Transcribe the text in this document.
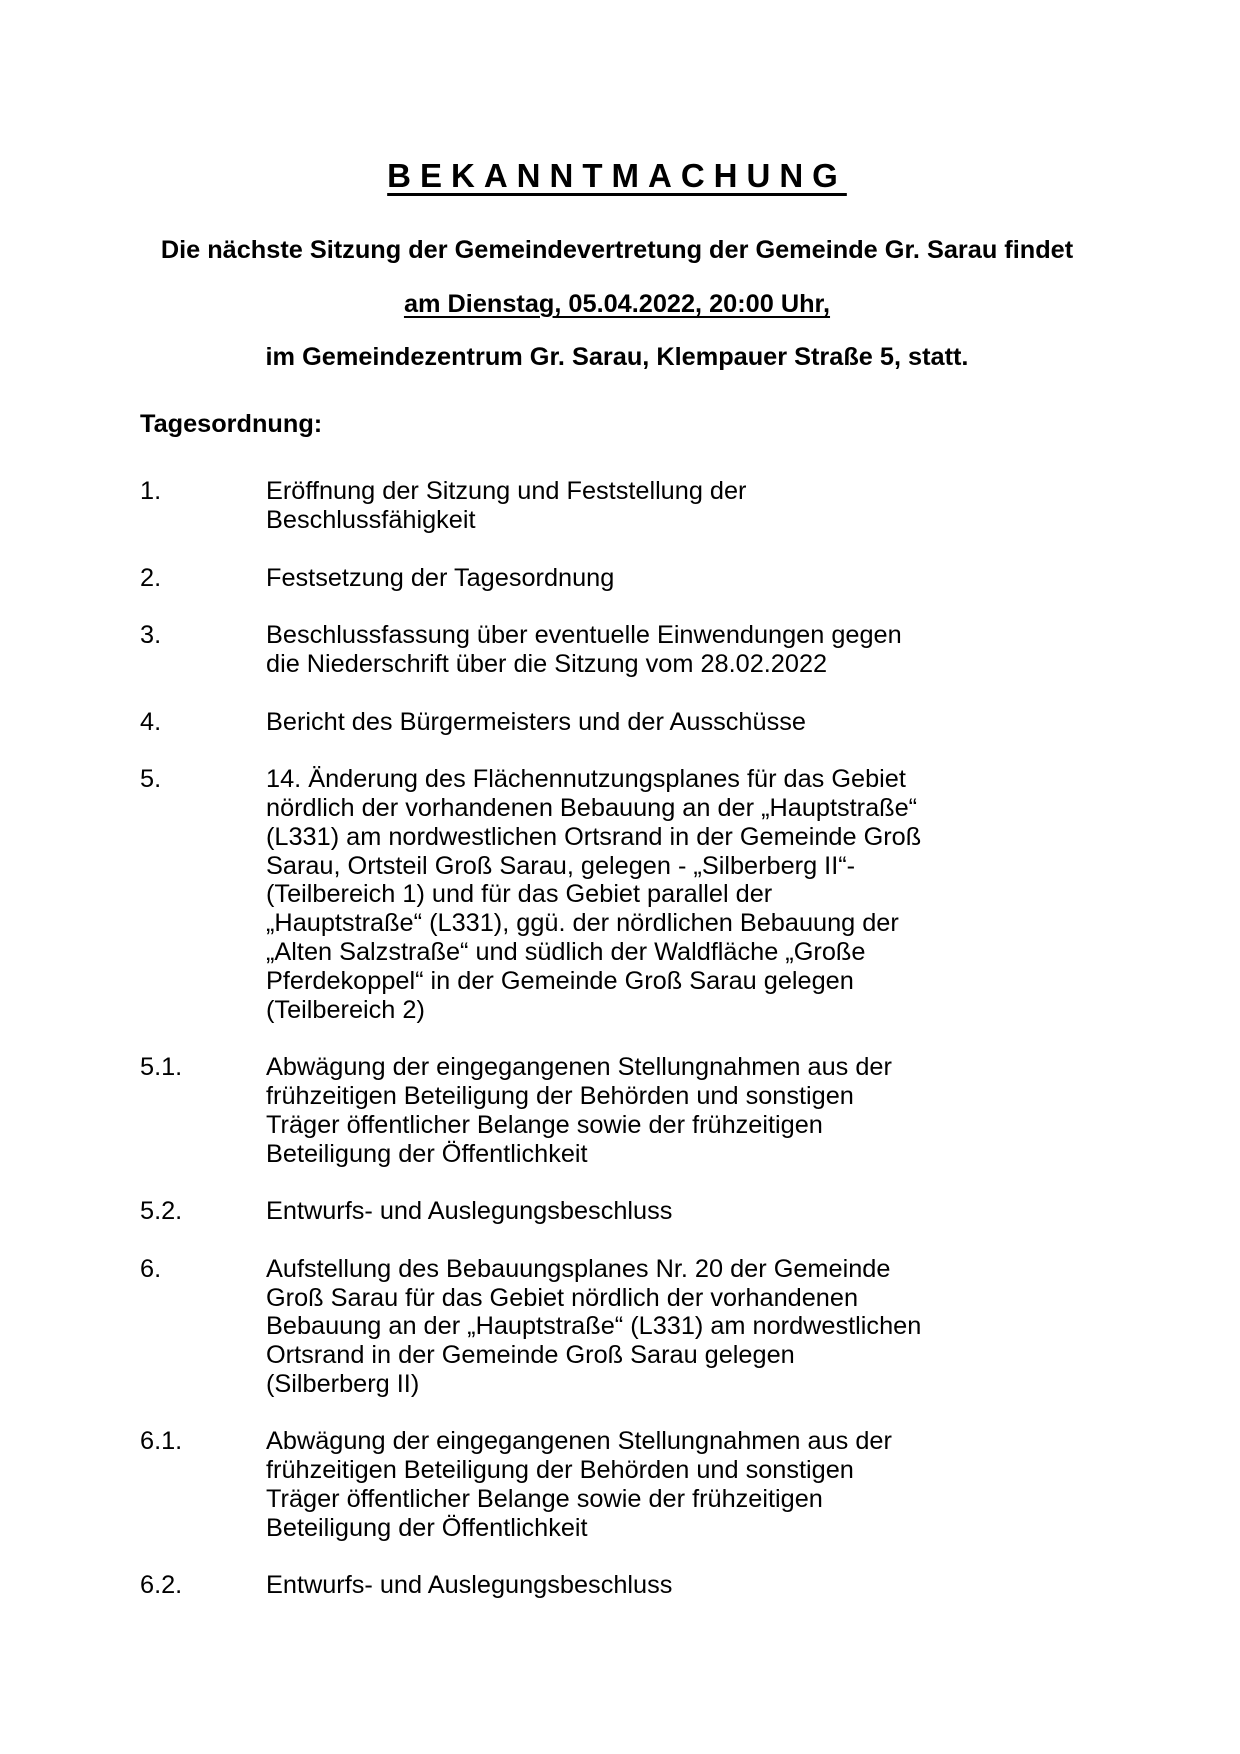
BEKANNTMACHUNG

Die nächste Sitzung der Gemeindevertretung der Gemeinde Gr. Sarau findet

am Dienstag, 05.04.2022, 20:00 Uhr,

im Gemeindezentrum Gr. Sarau, Klempauer Straße 5, statt.

Tagesordnung:
1.	Eröffnung der Sitzung und Feststellung der Beschlussfähigkeit
2.	Festsetzung der Tagesordnung
3.	Beschlussfassung über eventuelle Einwendungen gegen die Niederschrift über die Sitzung vom 28.02.2022
4.	Bericht des Bürgermeisters und der Ausschüsse
5.	14. Änderung des Flächennutzungsplanes für das Gebiet nördlich der vorhandenen Bebauung an der „Hauptstraße“ (L331) am nordwestlichen Ortsrand in der Gemeinde Groß Sarau, Ortsteil Groß Sarau, gelegen - „Silberberg II“- (Teilbereich 1) und für das Gebiet parallel der „Hauptstraße“ (L331), ggü. der nördlichen Bebauung der „Alten Salzstraße“ und südlich der Waldfläche „Große Pferdekoppel“ in der Gemeinde Groß Sarau gelegen (Teilbereich 2)
5.1.	Abwägung der eingegangenen Stellungnahmen aus der frühzeitigen Beteiligung der Behörden und sonstigen Träger öffentlicher Belange sowie der frühzeitigen Beteiligung der Öffentlichkeit
5.2.	Entwurfs- und Auslegungsbeschluss
6.	Aufstellung des Bebauungsplanes Nr. 20 der Gemeinde Groß Sarau für das Gebiet nördlich der vorhandenen Bebauung an der „Hauptstraße“ (L331) am nordwestlichen Ortsrand in der Gemeinde Groß Sarau gelegen (Silberberg II)
6.1.	Abwägung der eingegangenen Stellungnahmen aus der frühzeitigen Beteiligung der Behörden und sonstigen Träger öffentlicher Belange sowie der frühzeitigen Beteiligung der Öffentlichkeit
6.2.	Entwurfs- und Auslegungsbeschluss
